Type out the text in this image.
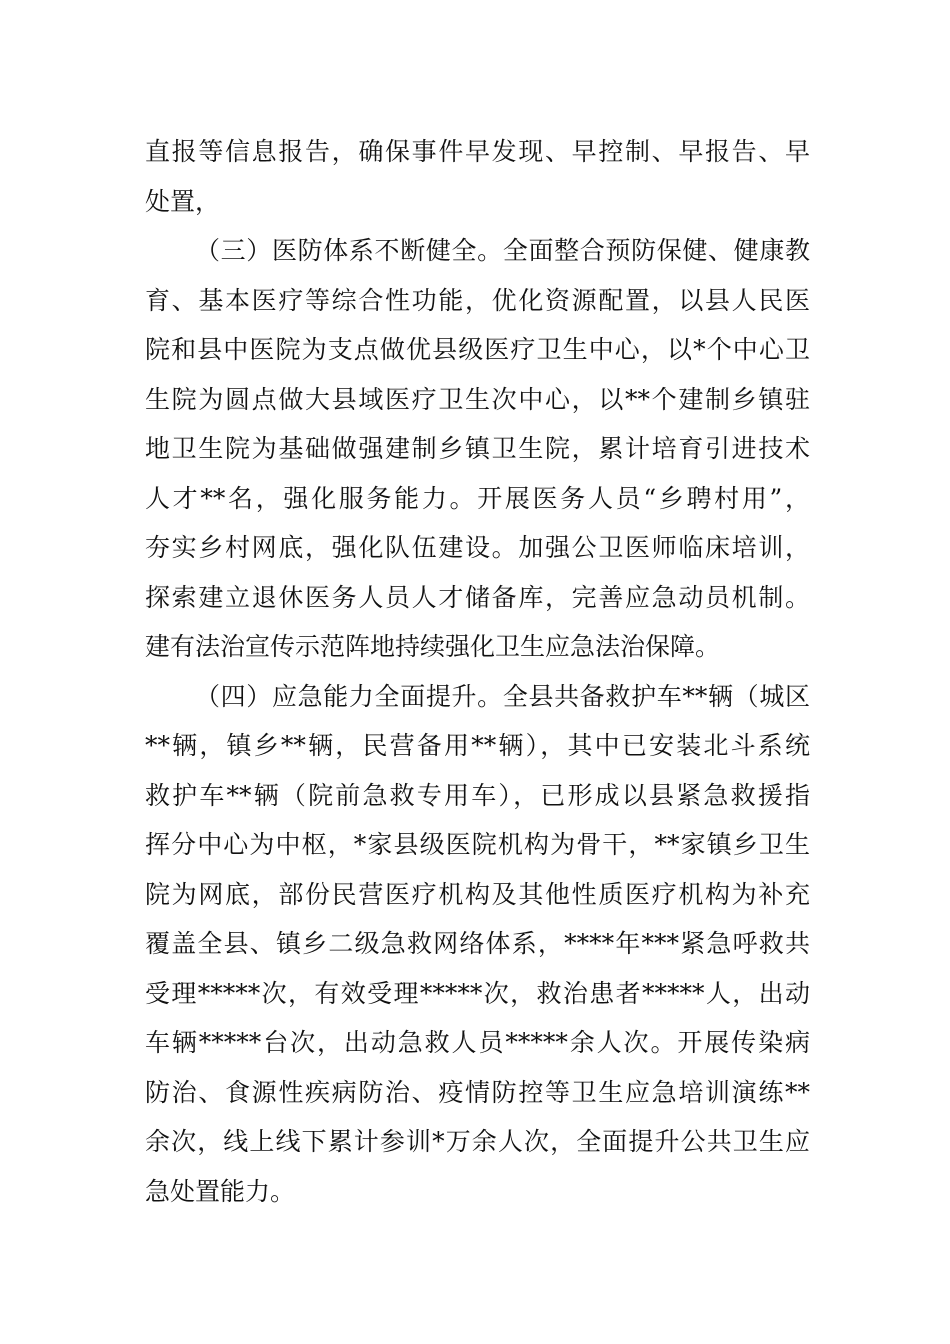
直报等信息报告，确保事件早发现、早控制、早报告、早
处置，
（三）医防体系不断健全。全面整合预防保健、健康教
育、基本医疗等综合性功能，优化资源配置，以县人民医
院和县中医院为支点做优县级医疗卫生中心，以*个中心卫
生院为圆点做大县域医疗卫生次中心，以**个建制乡镇驻
地卫生院为基础做强建制乡镇卫生院，累计培育引进技术
人才**名，强化服务能力。开展医务人员“乡聘村用”，
夯实乡村网底，强化队伍建设。加强公卫医师临床培训，
探索建立退休医务人员人才储备库，完善应急动员机制。
建有法治宣传示范阵地持续强化卫生应急法治保障。
（四）应急能力全面提升。全县共备救护车**辆（城区
**辆，镇乡**辆，民营备用**辆），其中已安装北斗系统
救护车**辆（院前急救专用车），已形成以县紧急救援指
挥分中心为中枢，*家县级医院机构为骨干，**家镇乡卫生
院为网底，部份民营医疗机构及其他性质医疗机构为补充
覆盖全县、镇乡二级急救网络体系，****年***紧急呼救共
受理*****次，有效受理*****次，救治患者*****人，出动
车辆*****台次，出动急救人员*****余人次。开展传染病
防治、食源性疾病防治、疫情防控等卫生应急培训演练**
余次，线上线下累计参训*万余人次，全面提升公共卫生应
急处置能力。
